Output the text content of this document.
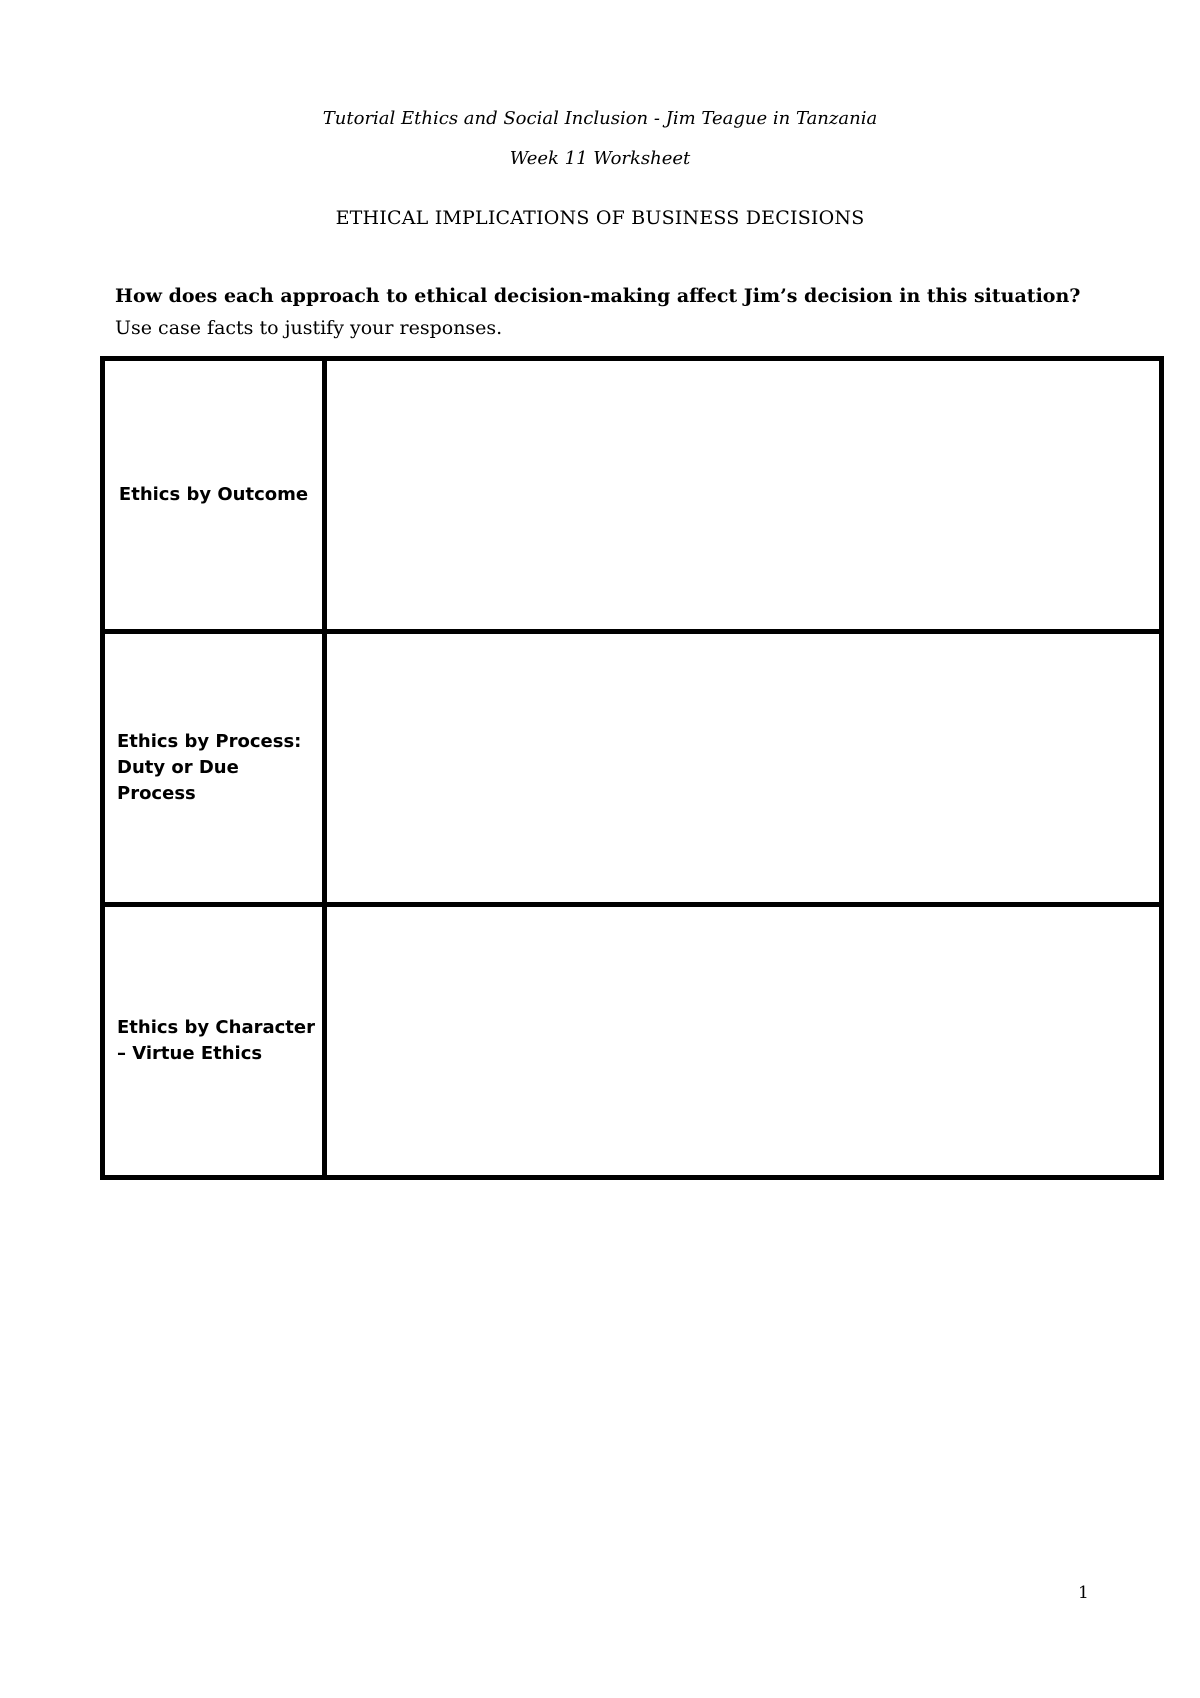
Tutorial Ethics and Social Inclusion - Jim Teague in Tanzania
Week 11 Worksheet
ETHICAL IMPLICATIONS OF BUSINESS DECISIONS
How does each approach to ethical decision-making affect Jim’s decision in this situation? Use case facts to justify your responses.
Ethics by Outcome	
Ethics by Process: Duty or Due Process	
Ethics by Character – Virtue Ethics	
1
